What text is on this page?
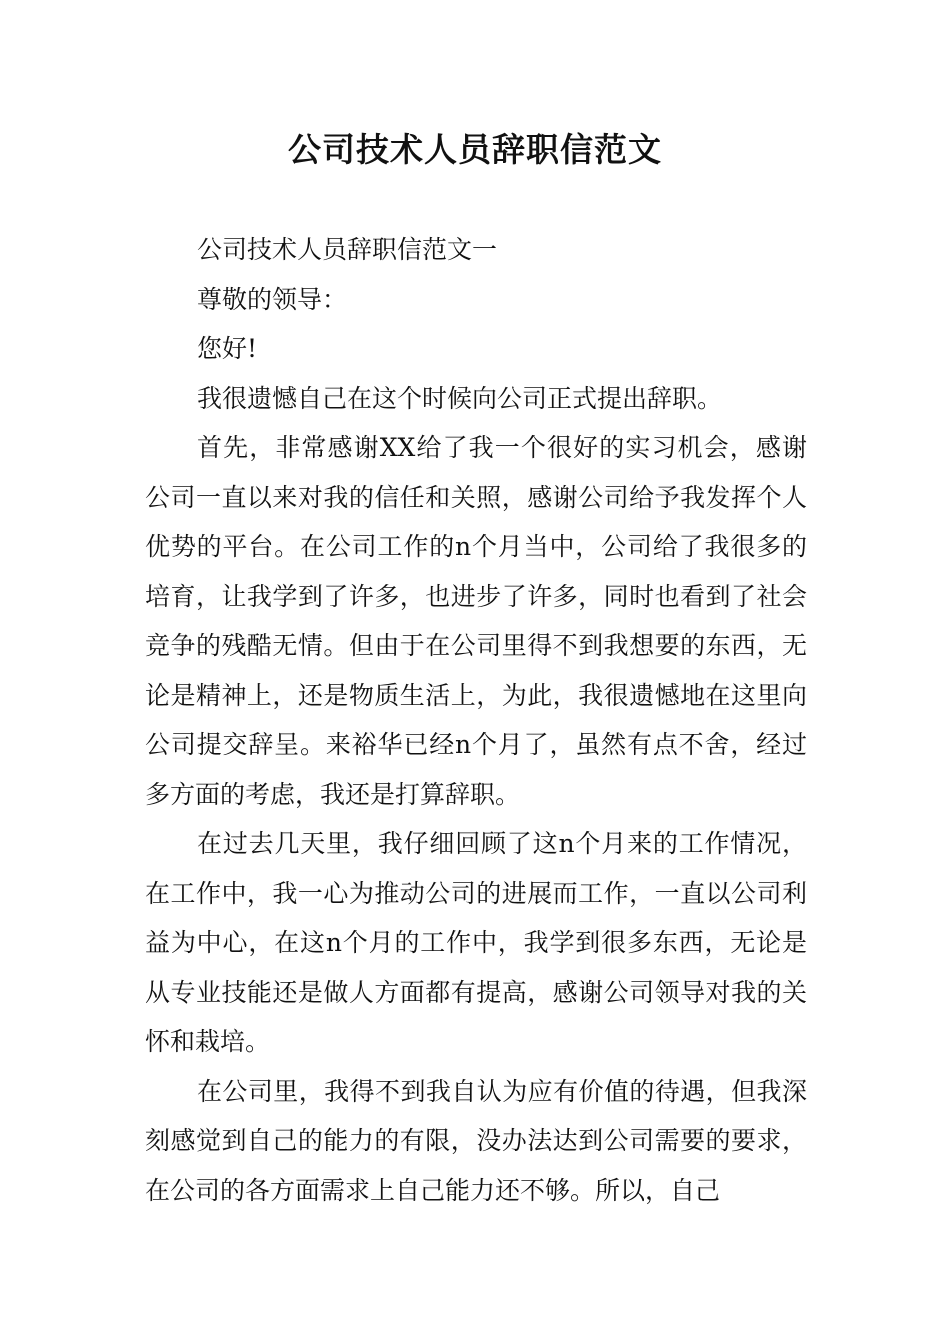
公司技术人员辞职信范文

公司技术人员辞职信范文一

尊敬的领导：

您好!

我很遗憾自己在这个时候向公司正式提出辞职。

首先，非常感谢XX给了我一个很好的实习机会，感谢公司一直以来对我的信任和关照，感谢公司给予我发挥个人优势的平台。在公司工作的n个月当中，公司给了我很多的培育，让我学到了许多，也进步了许多，同时也看到了社会竞争的残酷无情。但由于在公司里得不到我想要的东西，无论是精神上，还是物质生活上，为此，我很遗憾地在这里向公司提交辞呈。来裕华已经n个月了，虽然有点不舍，经过多方面的考虑，我还是打算辞职。

在过去几天里，我仔细回顾了这n个月来的工作情况，在工作中，我一心为推动公司的进展而工作，一直以公司利益为中心，在这n个月的工作中，我学到很多东西，无论是从专业技能还是做人方面都有提高，感谢公司领导对我的关怀和栽培。

在公司里，我得不到我自认为应有价值的待遇，但我深刻感觉到自己的能力的有限，没办法达到公司需要的要求，在公司的各方面需求上自己能力还不够。所以，自己
